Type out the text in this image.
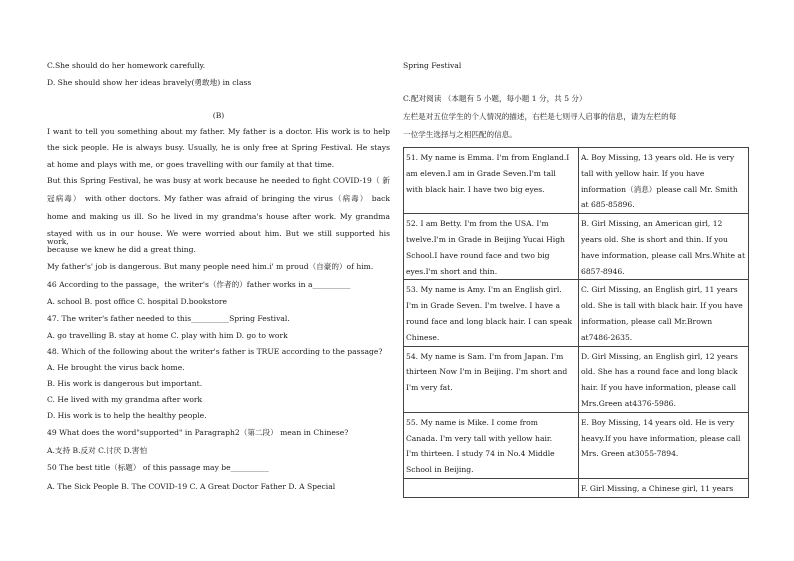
C.She should do her homework carefully.
D. She should show her ideas bravely(勇敢地) in class
(B)
I want to tell you something about my father. My father is a doctor. His work is to help
the sick people. He is always busy. Usually, he is only free at Spring Festival. He stays
at home and plays with me, or goes travelling with our family at that time.
But this Spring Festival, he was busy at work because he needed to fight COVID-19（ 新
冠病毒） with other doctors. My father was afraid of bringing the virus（病毒） back
home and making us ill. So he lived in my grandma's house after work. My grandma
stayed with us in our house. We were worried about him. But we still supported his work,
because we knew he did a great thing.
My father's' job is dangerous. But many people need him.i' m proud（自豪的）of him.
46 According to the passage，the writer's（作者的）father works in a__________
A. school B. post office C. hospital D.bookstore
47. The writer's father needed to this__________Spring Festival.
A. go travelling B. stay at home C. play with him D. go to work
48. Which of the following about the writer's father is TRUE according to the passage?
A. He brought the virus back home.
B. His work is dangerous but important.
C. He lived with my grandma after work
D. His work is to help the healthy people.
49 What does the word"supported" in Paragraph2（第二段） mean in Chinese?
A.支持 B.反对 C.讨厌 D.害怕
50 The best title（标题） of this passage may be__________
A. The Sick People B. The COVID-19 C. A Great Doctor Father D. A Special
Spring Festival
C.配对阅读 （本题有 5 小题，每小题 1 分，共 5 分）
左栏是对五位学生的个人情况的描述，右栏是七则寻人启事的信息，请为左栏的每
一位学生选择与之相匹配的信息。
51. My name is Emma. I'm from England.I
am eleven.I am in Grade Seven.I'm tall
with black hair. I have two big eyes.	A. Boy Missing, 13 years old. He is very
tall with yellow hair. If you have
information（消息）please call Mr. Smith
at 685-85896.

52. I am Betty. I'm from the USA. I'm
twelve.I'm in Grade in Beijing Yucai High
School.I have round face and two big
eyes.I'm short and thin.	B. Girl Missing, an American girl, 12
years old. She is short and thin. If you
have information, please call Mrs.White at
6857-8946.

53. My name is Amy. I'm an English girl.
I'm in Grade Seven. I'm twelve. I have a
round face and long black hair. I can speak
Chinese.	C. Girl Missing, an English girl, 11 years
old. She is tall with black hair. If you have
information, please call Mr.Brown
at7486-2635.

54. My name is Sam. I'm from Japan. I'm
thirteen Now I'm in Beijing. I'm short and
I'm very fat.	D. Girl Missing, an English girl, 12 years
old. She has a round face and long black
hair. If you have information, please call
Mrs.Green at4376-5986.

55. My name is Mike. I come from
Canada. I'm very tall with yellow hair.
I'm thirteen. I study 74 in No.4 Middle
School in Beijing.	E. Boy Missing, 14 years old. He is very
heavy.If you have information, please call
Mrs. Green at3055-7894.

	F. Girl Missing, a Chinese girl, 11 years
